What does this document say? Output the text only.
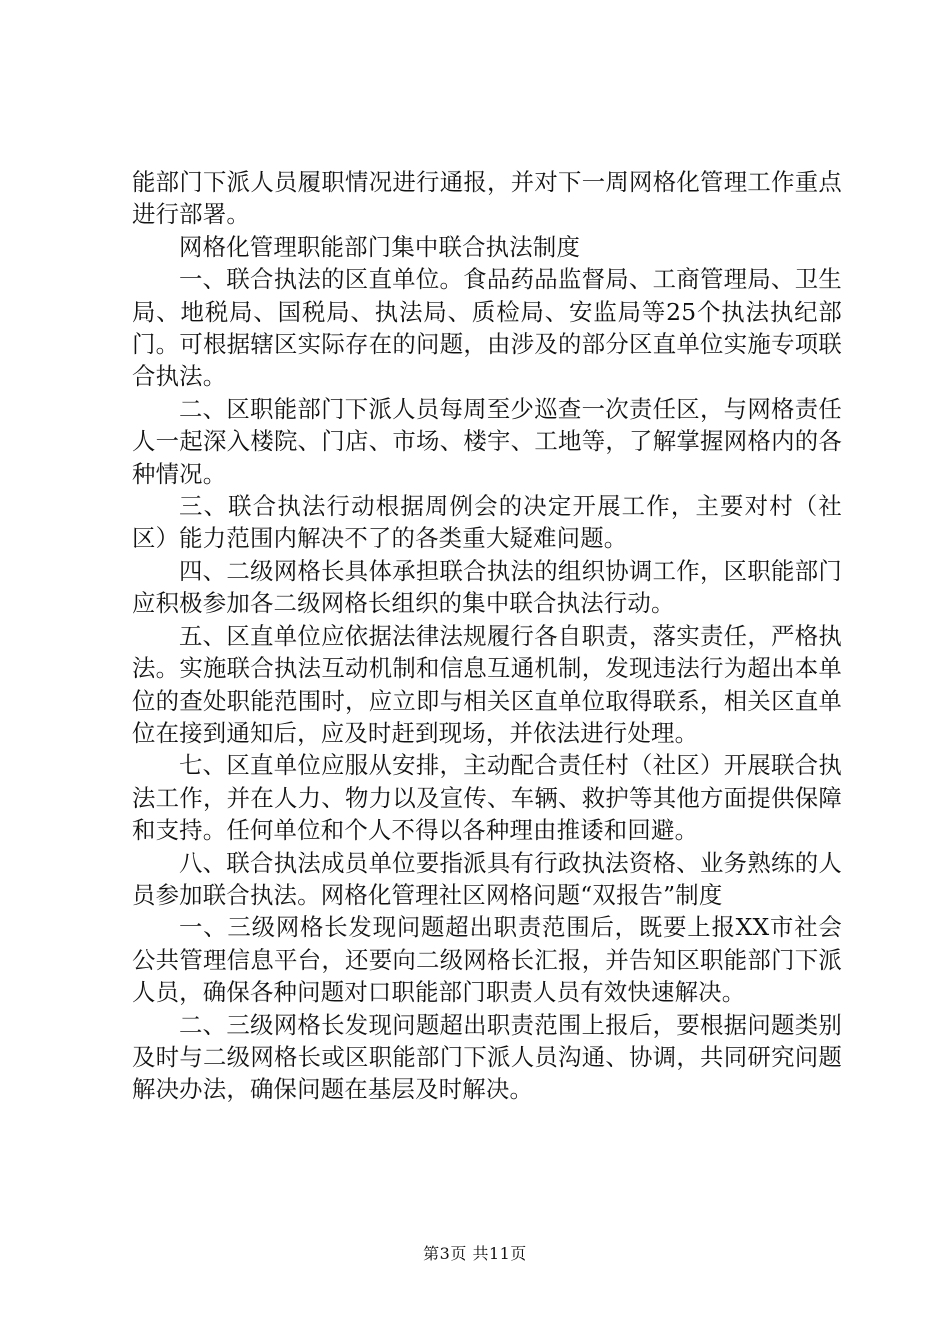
能部门下派人员履职情况进行通报，并对下一周网格化管理工作重点进行部署。

网格化管理职能部门集中联合执法制度

一、联合执法的区直单位。食品药品监督局、工商管理局、卫生局、地税局、国税局、执法局、质检局、安监局等25个执法执纪部门。可根据辖区实际存在的问题，由涉及的部分区直单位实施专项联合执法。

二、区职能部门下派人员每周至少巡查一次责任区，与网格责任人一起深入楼院、门店、市场、楼宇、工地等，了解掌握网格内的各种情况。

三、联合执法行动根据周例会的决定开展工作，主要对村（社区）能力范围内解决不了的各类重大疑难问题。

四、二级网格长具体承担联合执法的组织协调工作，区职能部门应积极参加各二级网格长组织的集中联合执法行动。

五、区直单位应依据法律法规履行各自职责，落实责任，严格执法。实施联合执法互动机制和信息互通机制，发现违法行为超出本单位的查处职能范围时，应立即与相关区直单位取得联系，相关区直单位在接到通知后，应及时赶到现场，并依法进行处理。

七、区直单位应服从安排，主动配合责任村（社区）开展联合执法工作，并在人力、物力以及宣传、车辆、救护等其他方面提供保障和支持。任何单位和个人不得以各种理由推诿和回避。

八、联合执法成员单位要指派具有行政执法资格、业务熟练的人员参加联合执法。网格化管理社区网格问题“双报告”制度

一、三级网格长发现问题超出职责范围后，既要上报XX市社会公共管理信息平台，还要向二级网格长汇报，并告知区职能部门下派人员，确保各种问题对口职能部门职责人员有效快速解决。

二、三级网格长发现问题超出职责范围上报后，要根据问题类别及时与二级网格长或区职能部门下派人员沟通、协调，共同研究问题解决办法，确保问题在基层及时解决。

第3页 共11页
